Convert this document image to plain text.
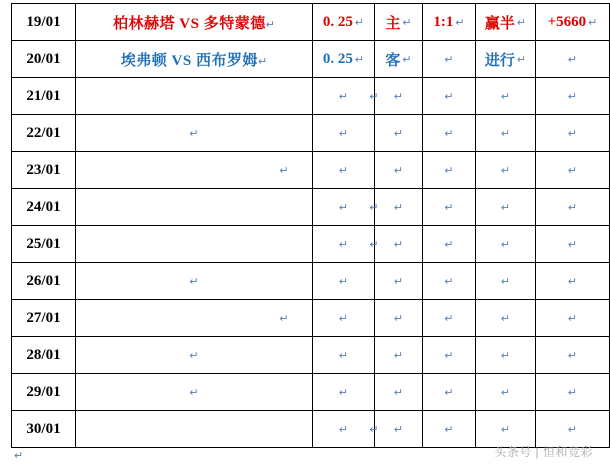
19/01	柏林赫塔 VS 多特蒙德↵	0. 25 ↵	主 ↵	1:1 ↵	赢半 ↵	+5660 ↵

20/01	埃弗顿 VS 西布罗姆↵	0. 25 ↵	客 ↵	↵	进行 ↵	↵

21/01	↵	↵	↵	↵	↵	↵

22/01	↵	↵	↵	↵	↵	↵

23/01	↵	↵	↵	↵	↵	↵

24/01	↵	↵	↵	↵	↵	↵

25/01	↵	↵	↵	↵	↵	↵

26/01	↵	↵	↵	↵	↵	↵

27/01	↵	↵	↵	↵	↵	↵

28/01	↵	↵	↵	↵	↵	↵

29/01	↵	↵	↵	↵	↵	↵

30/01	↵	↵	↵	↵	↵	↵
↵	头条号 | 恒和竞彩
